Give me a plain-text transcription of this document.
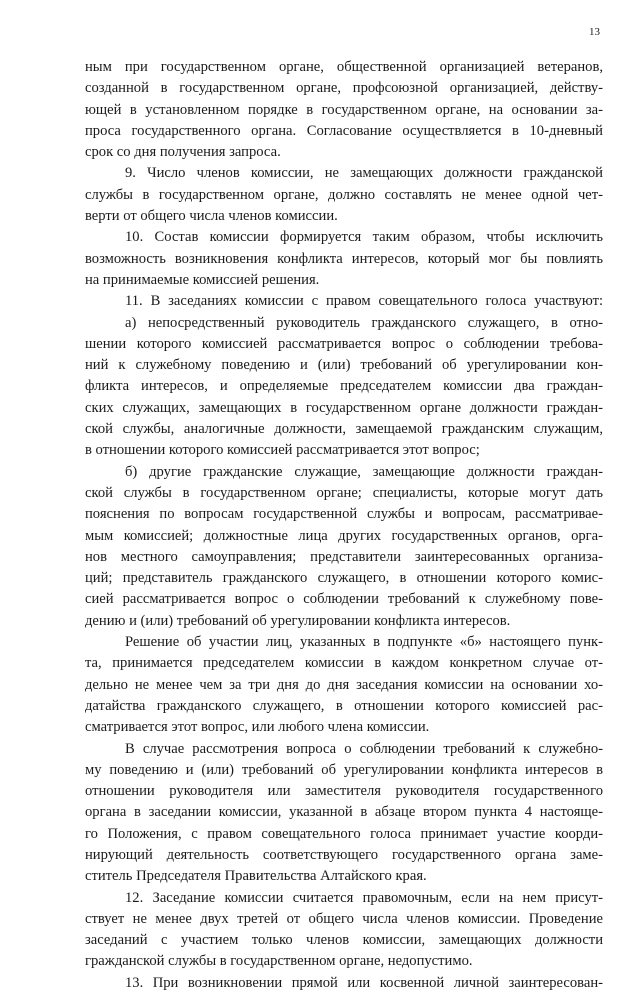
13
ным при государственном органе, общественной организацией ветеранов,
созданной в государственном органе, профсоюзной организацией, действу-
ющей в установленном порядке в государственном органе, на основании за-
проса государственного органа. Согласование осуществляется в 10-дневный
срок со дня получения запроса.
9. Число членов комиссии, не замещающих должности гражданской
службы в государственном органе, должно составлять не менее одной чет-
верти от общего числа членов комиссии.
10. Состав комиссии формируется таким образом, чтобы исключить
возможность возникновения конфликта интересов, который мог бы повлиять
на принимаемые комиссией решения.
11. В заседаниях комиссии с правом совещательного голоса участвуют:
а) непосредственный руководитель гражданского служащего, в отно-
шении которого комиссией рассматривается вопрос о соблюдении требова-
ний к служебному поведению и (или) требований об урегулировании кон-
фликта интересов, и определяемые председателем комиссии два граждан-
ских служащих, замещающих в государственном органе должности граждан-
ской службы, аналогичные должности, замещаемой гражданским служащим,
в отношении которого комиссией рассматривается этот вопрос;
б) другие гражданские служащие, замещающие должности граждан-
ской службы в государственном органе; специалисты, которые могут дать
пояснения по вопросам государственной службы и вопросам, рассматривае-
мым комиссией; должностные лица других государственных органов, орга-
нов местного самоуправления; представители заинтересованных организа-
ций; представитель гражданского служащего, в отношении которого комис-
сией рассматривается вопрос о соблюдении требований к служебному пове-
дению и (или) требований об урегулировании конфликта интересов.
Решение об участии лиц, указанных в подпункте «б» настоящего пунк-
та, принимается председателем комиссии в каждом конкретном случае от-
дельно не менее чем за три дня до дня заседания комиссии на основании хо-
датайства гражданского служащего, в отношении которого комиссией рас-
сматривается этот вопрос, или любого члена комиссии.
В случае рассмотрения вопроса о соблюдении требований к служебно-
му поведению и (или) требований об урегулировании конфликта интересов в
отношении руководителя или заместителя руководителя государственного
органа в заседании комиссии, указанной в абзаце втором пункта 4 настояще-
го Положения, с правом совещательного голоса принимает участие коорди-
нирующий деятельность соответствующего государственного органа заме-
ститель Председателя Правительства Алтайского края.
12. Заседание комиссии считается правомочным, если на нем присут-
ствует не менее двух третей от общего числа членов комиссии. Проведение
заседаний с участием только членов комиссии, замещающих должности
гражданской службы в государственном органе, недопустимо.
13. При возникновении прямой или косвенной личной заинтересован-
